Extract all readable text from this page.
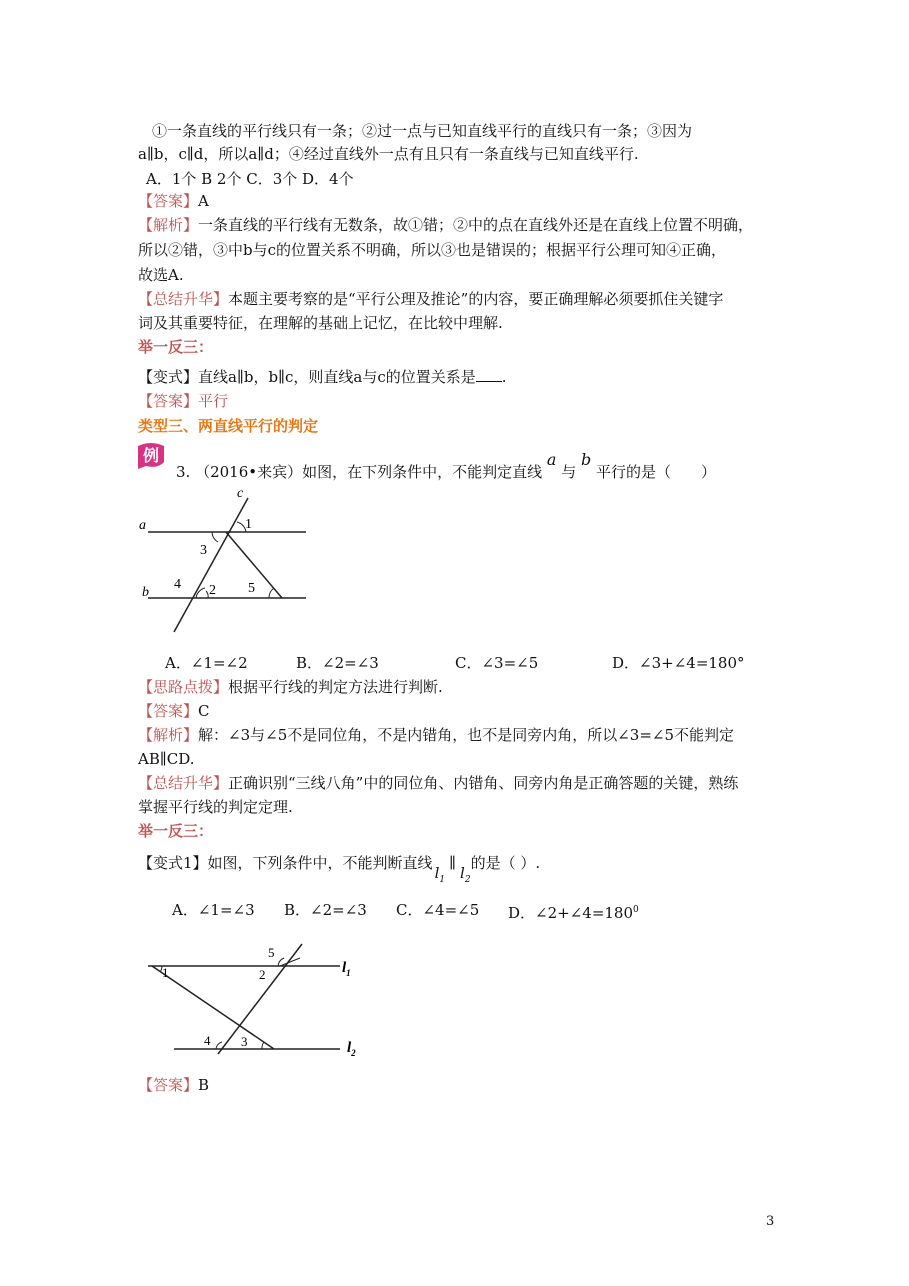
①一条直线的平行线只有一条；②过一点与已知直线平行的直线只有一条；③因为
a∥b，c∥d，所以a∥d；④经过直线外一点有且只有一条直线与已知直线平行.
A．1个 B 2个 C．3个 D．4个
【答案】A
【解析】一条直线的平行线有无数条，故①错；②中的点在直线外还是在直线上位置不明确，
所以②错，③中b与c的位置关系不明确，所以③也是错误的；根据平行公理可知④正确，
故选A.
【总结升华】本题主要考察的是“平行公理及推论”的内容，要正确理解必须要抓住关键字
词及其重要特征，在理解的基础上记忆，在比较中理解.
举一反三：
【变式】直线a∥b，b∥c，则直线a与c的位置关系是 .
【答案】平行
类型三、两直线平行的判定
例
3. （2016•来宾）如图，在下列条件中，不能判定直线 a 与 b 平行的是（　　）
c
a
b
1
3
4 2 5
A．∠1=∠2	B．∠2=∠3	C．∠3=∠5	D．∠3+∠4=180°
【思路点拨】根据平行线的判定方法进行判断.
【答案】C
【解析】解：∠3与∠5不是同位角，不是内错角，也不是同旁内角，所以∠3=∠5不能判定
AB∥CD.
【总结升华】正确识别“三线八角”中的同位角、内错角、同旁内角是正确答题的关键，熟练
掌握平行线的判定定理.
举一反三：
【变式1】如图，下列条件中，不能判断直线$l_1\parallel l_2$的是（ ）.
A．∠1=∠3 B．∠2=∠3 C．∠4=∠5 D．$\angle 2+\angle 4=180^0$
1
5
2
4 3
$l_1$
$l_2$
【答案】B
3
